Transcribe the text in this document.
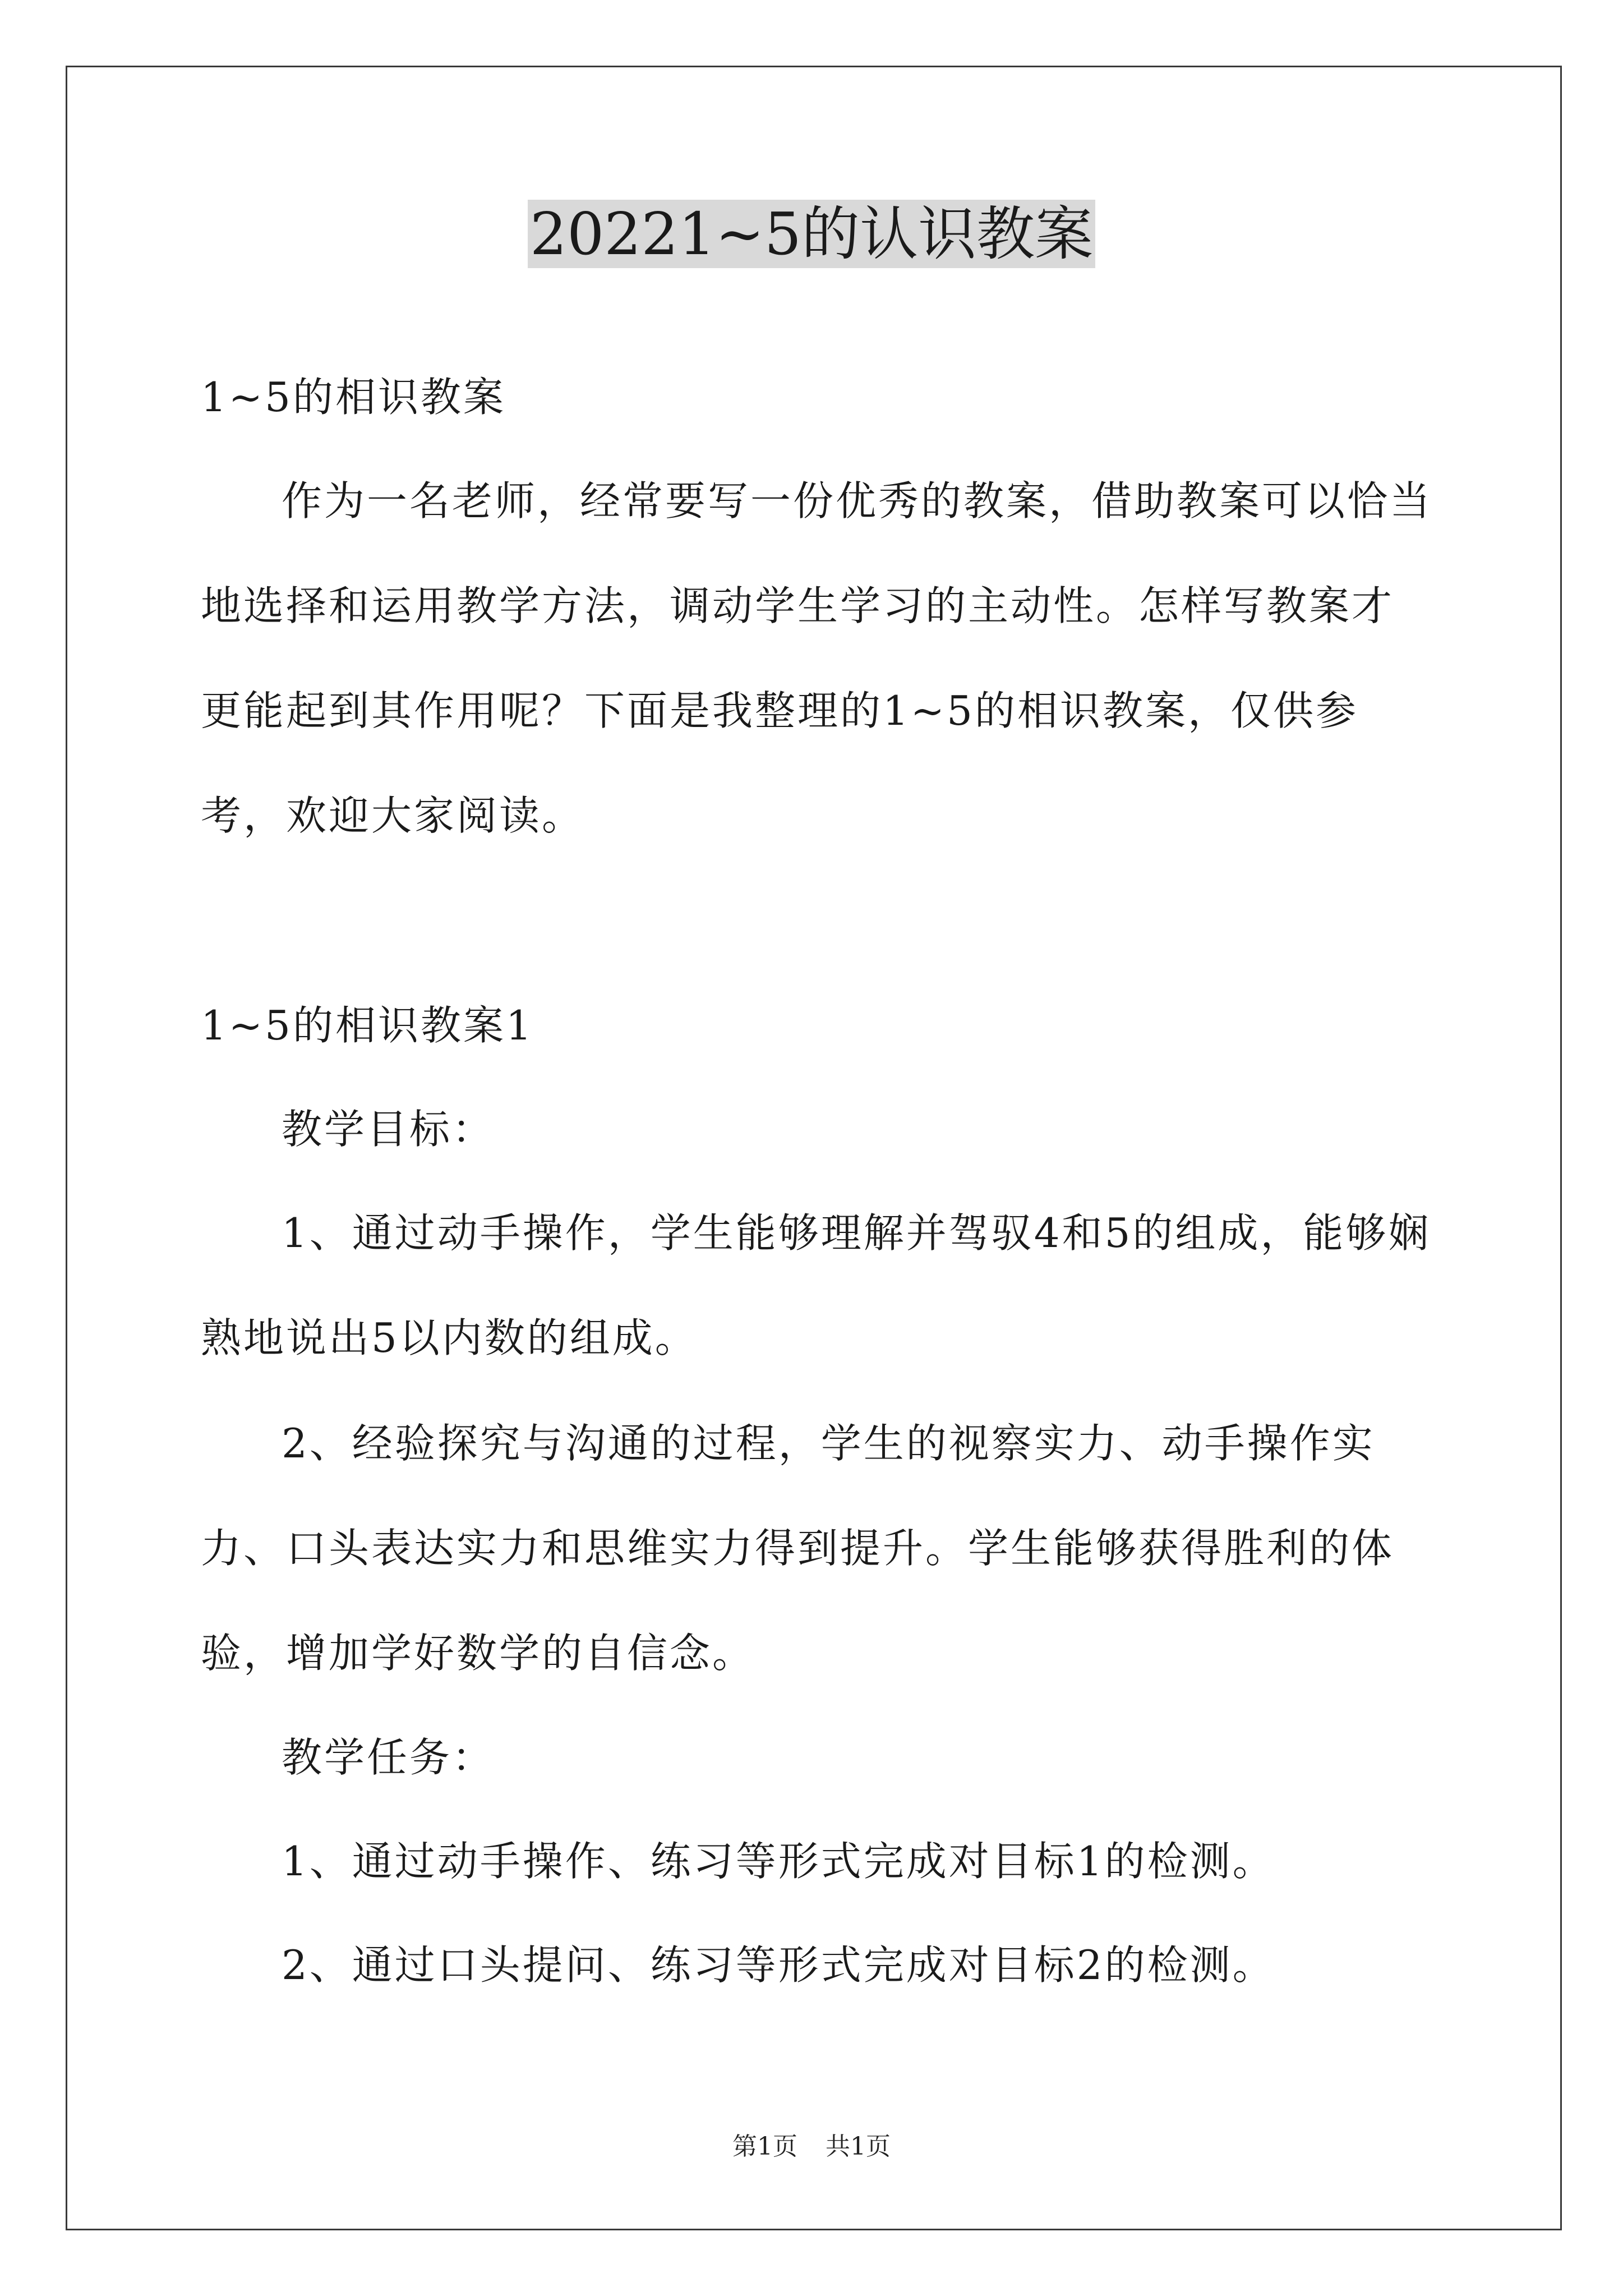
20221~5的认识教案

1~5的相识教案

作为一名老师，经常要写一份优秀的教案，借助教案可以恰当地选择和运用教学方法，调动学生学习的主动性。怎样写教案才更能起到其作用呢？下面是我整理的1~5的相识教案，仅供参考，欢迎大家阅读。

1~5的相识教案1

教学目标：

1、通过动手操作，学生能够理解并驾驭4和5的组成，能够娴熟地说出5以内数的组成。

2、经验探究与沟通的过程，学生的视察实力、动手操作实力、口头表达实力和思维实力得到提升。学生能够获得胜利的体验，增加学好数学的自信念。

教学任务：

1、通过动手操作、练习等形式完成对目标1的检测。

2、通过口头提问、练习等形式完成对目标2的检测。

第1页 共1页
